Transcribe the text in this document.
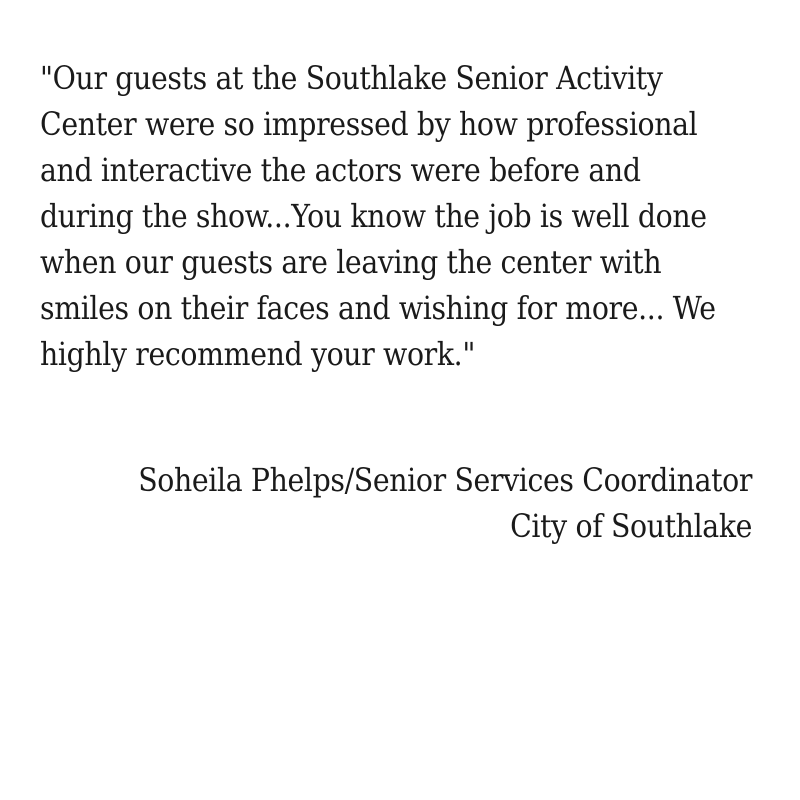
"Our guests at the Southlake Senior Activity
Center were so impressed by how professional
and interactive the actors were before and
during the show...You know the job is well done
when our guests are leaving the center with
smiles on their faces and wishing for more... We
highly recommend your work."
Soheila Phelps/Senior Services Coordinator
City of Southlake
